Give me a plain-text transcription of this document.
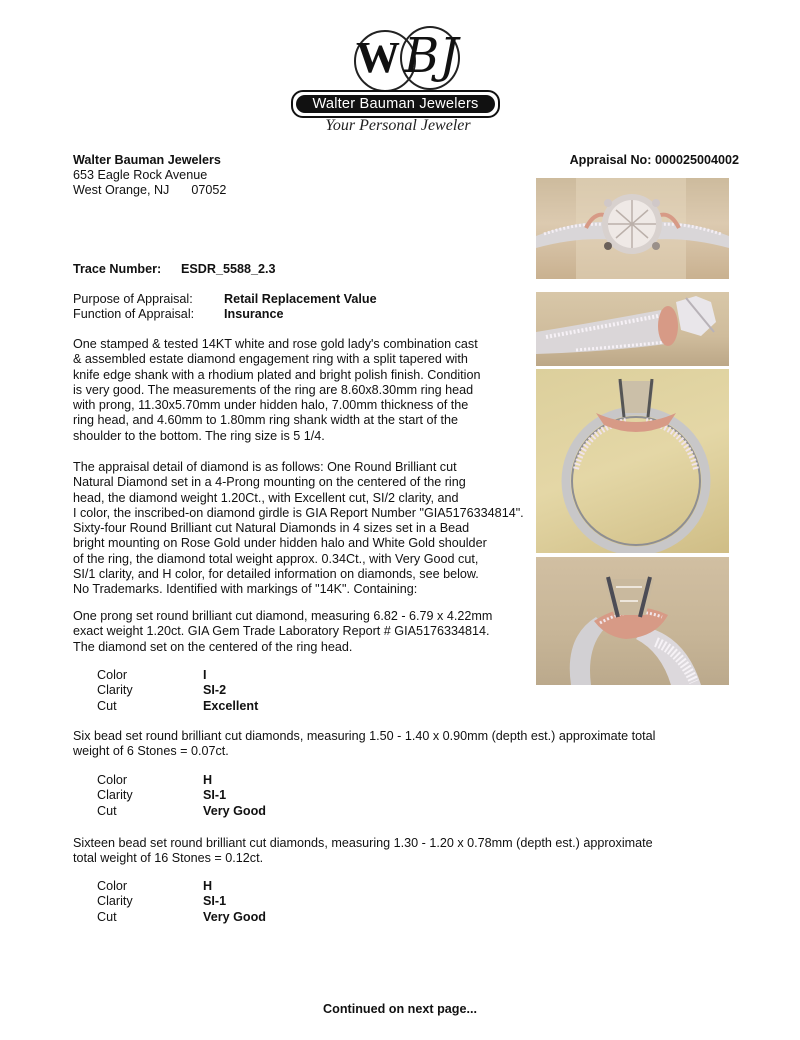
W BJ
Walter Bauman Jewelers
Your Personal Jeweler
Walter Bauman Jewelers
653 Eagle Rock Avenue
West Orange, NJ 07052
Appraisal No: 000025004002
Trace Number: ESDR_5588_2.3
Purpose of Appraisal: Retail Replacement Value
Function of Appraisal: Insurance
One stamped & tested 14KT white and rose gold lady's combination cast
& assembled estate diamond engagement ring with a split tapered with
knife edge shank with a rhodium plated and bright polish finish. Condition
is very good. The measurements of the ring are 8.60x8.30mm ring head
with prong, 11.30x5.70mm under hidden halo, 7.00mm thickness of the
ring head, and 4.60mm to 1.80mm ring shank width at the start of the
shoulder to the bottom. The ring size is 5 1/4.
The appraisal detail of diamond is as follows: One Round Brilliant cut
Natural Diamond set in a 4-Prong mounting on the centered of the ring
head, the diamond weight 1.20Ct., with Excellent cut, SI/2 clarity, and
I color, the inscribed-on diamond girdle is GIA Report Number "GIA5176334814".
Sixty-four Round Brilliant cut Natural Diamonds in 4 sizes set in a Bead
bright mounting on Rose Gold under hidden halo and White Gold shoulder
of the ring, the diamond total weight approx. 0.34Ct., with Very Good cut,
SI/1 clarity, and H color, for detailed information on diamonds, see below.
No Trademarks. Identified with markings of "14K". Containing:
One prong set round brilliant cut diamond, measuring 6.82 - 6.79 x 4.22mm
exact weight 1.20ct. GIA Gem Trade Laboratory Report # GIA5176334814.
The diamond set on the centered of the ring head.
Color	I
Clarity	SI-2
Cut	Excellent
Six bead set round brilliant cut diamonds, measuring 1.50 - 1.40 x 0.90mm (depth est.) approximate total
weight of 6 Stones = 0.07ct.
Color	H
Clarity	SI-1
Cut	Very Good
Sixteen bead set round brilliant cut diamonds, measuring 1.30 - 1.20 x 0.78mm (depth est.) approximate
total weight of 16 Stones = 0.12ct.
Color	H
Clarity	SI-1
Cut	Very Good
Continued on next page...
